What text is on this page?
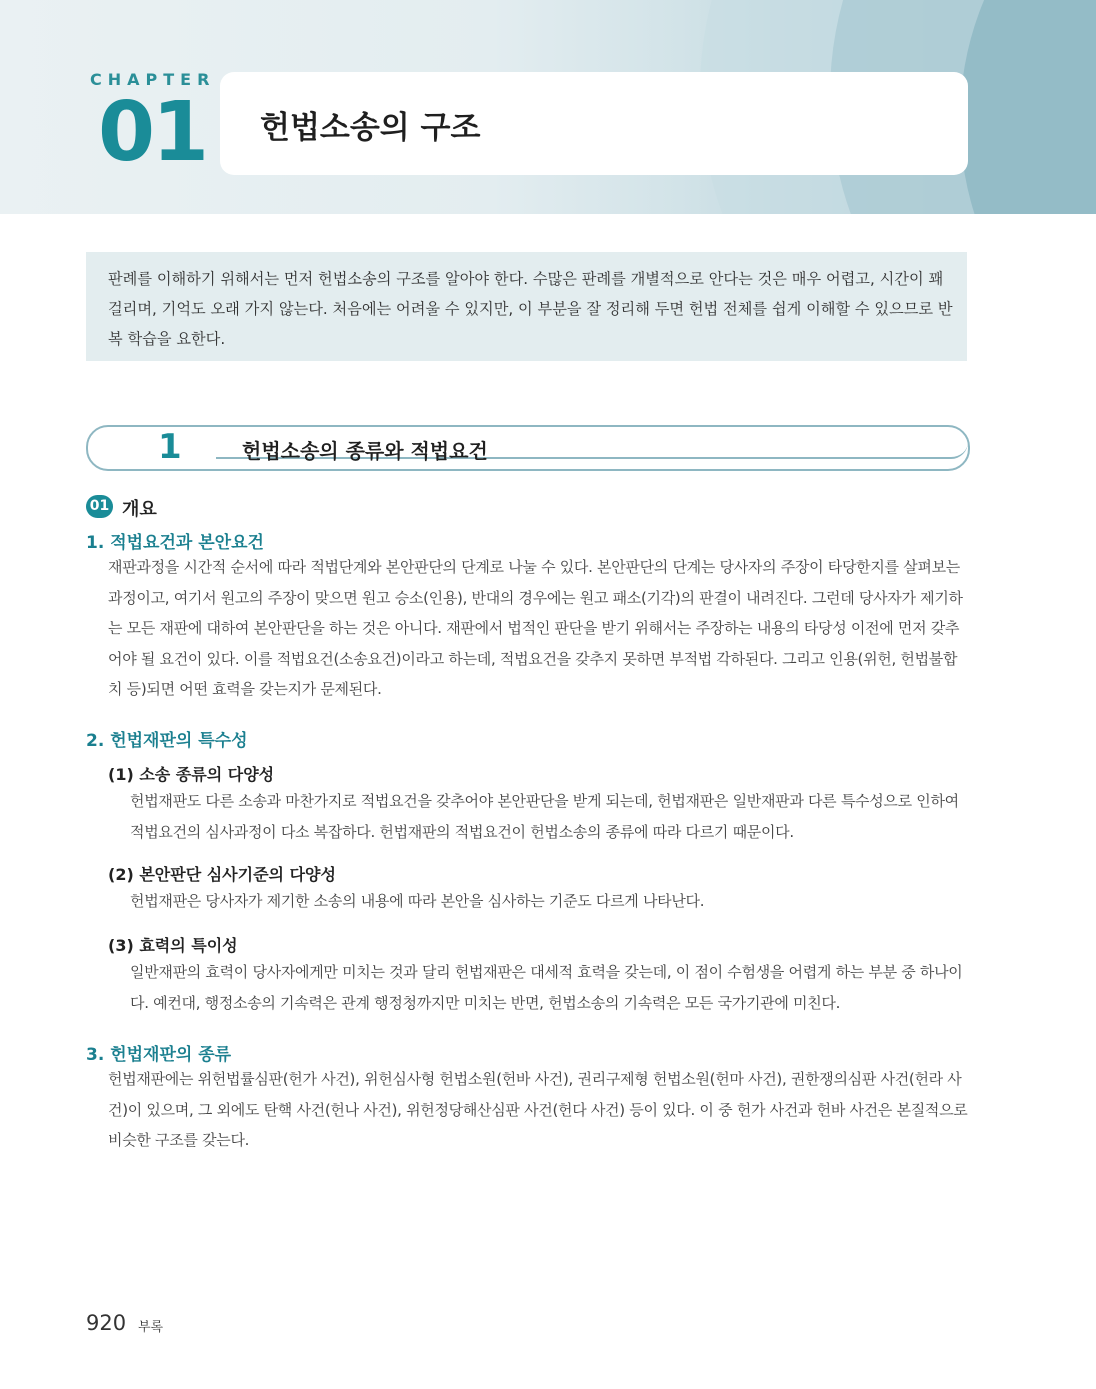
CHAPTER
01 헌법소송의 구조
판례를 이해하기 위해서는 먼저 헌법소송의 구조를 알아야 한다. 수많은 판례를 개별적으로 안다는 것은 매우 어렵고, 시간이 꽤 걸리며, 기억도 오래 가지 않는다. 처음에는 어려울 수 있지만, 이 부분을 잘 정리해 두면 헌법 전체를 쉽게 이해할 수 있으므로 반복 학습을 요한다.
1	헌법소송의 종류와 적법요건
01 개요
1. 적법요건과 본안요건
재판과정을 시간적 순서에 따라 적법단계와 본안판단의 단계로 나눌 수 있다. 본안판단의 단계는 당사자의 주장이 타당한지를 살펴보는 과정이고, 여기서 원고의 주장이 맞으면 원고 승소(인용), 반대의 경우에는 원고 패소(기각)의 판결이 내려진다. 그런데 당사자가 제기하는 모든 재판에 대하여 본안판단을 하는 것은 아니다. 재판에서 법적인 판단을 받기 위해서는 주장하는 내용의 타당성 이전에 먼저 갖추어야 될 요건이 있다. 이를 적법요건(소송요건)이라고 하는데, 적법요건을 갖추지 못하면 부적법 각하된다. 그리고 인용(위헌, 헌법불합치 등)되면 어떤 효력을 갖는지가 문제된다.
2. 헌법재판의 특수성
(1) 소송 종류의 다양성
헌법재판도 다른 소송과 마찬가지로 적법요건을 갖추어야 본안판단을 받게 되는데, 헌법재판은 일반재판과 다른 특수성으로 인하여 적법요건의 심사과정이 다소 복잡하다. 헌법재판의 적법요건이 헌법소송의 종류에 따라 다르기 때문이다.
(2) 본안판단 심사기준의 다양성
헌법재판은 당사자가 제기한 소송의 내용에 따라 본안을 심사하는 기준도 다르게 나타난다.
(3) 효력의 특이성
일반재판의 효력이 당사자에게만 미치는 것과 달리 헌법재판은 대세적 효력을 갖는데, 이 점이 수험생을 어렵게 하는 부분 중 하나이다. 예컨대, 행정소송의 기속력은 관계 행정청까지만 미치는 반면, 헌법소송의 기속력은 모든 국가기관에 미친다.
3. 헌법재판의 종류
헌법재판에는 위헌법률심판(헌가 사건), 위헌심사형 헌법소원(헌바 사건), 권리구제형 헌법소원(헌마 사건), 권한쟁의심판 사건(헌라 사건)이 있으며, 그 외에도 탄핵 사건(헌나 사건), 위헌정당해산심판 사건(헌다 사건) 등이 있다. 이 중 헌가 사건과 헌바 사건은 본질적으로 비슷한 구조를 갖는다.
920 부록
